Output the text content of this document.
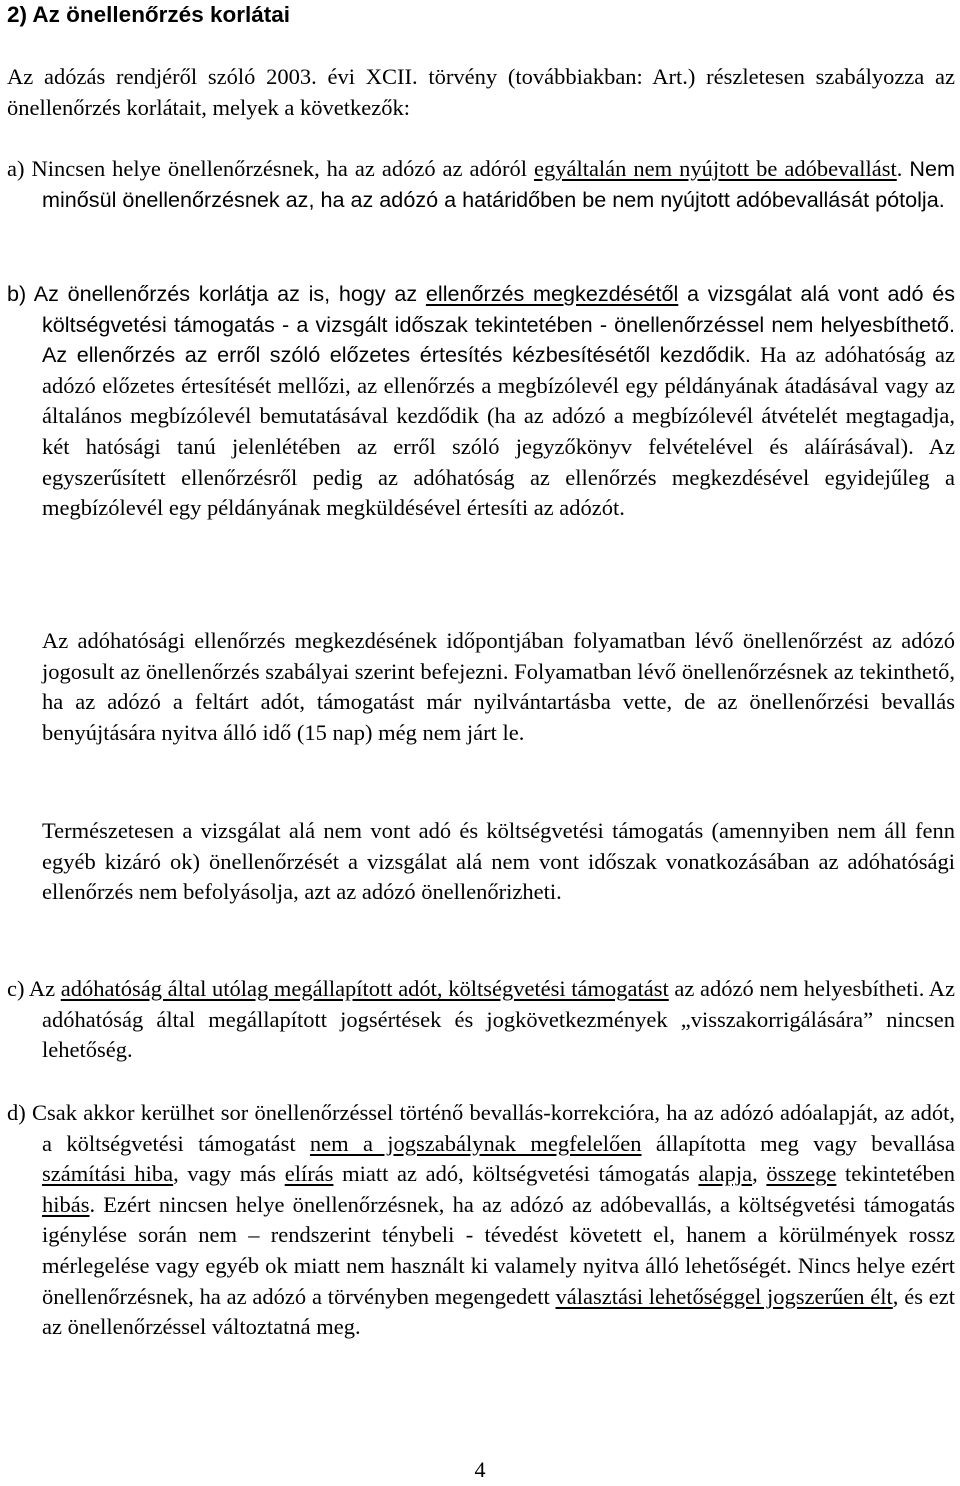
2) Az önellenőrzés korlátai

Az adózás rendjéről szóló 2003. évi XCII. törvény (továbbiakban: Art.) részletesen szabályozza az önellenőrzés korlátait, melyek a következők:

a) Nincsen helye önellenőrzésnek, ha az adózó az adóról egyáltalán nem nyújtott be adóbevallást. Nem minősül önellenőrzésnek az, ha az adózó a határidőben be nem nyújtott adóbevallását pótolja.

b) Az önellenőrzés korlátja az is, hogy az ellenőrzés megkezdésétől a vizsgálat alá vont adó és költségvetési támogatás - a vizsgált időszak tekintetében - önellenőrzéssel nem helyesbíthető. Az ellenőrzés az erről szóló előzetes értesítés kézbesítésétől kezdődik. Ha az adóhatóság az adózó előzetes értesítését mellőzi, az ellenőrzés a megbízólevél egy példányának átadásával vagy az általános megbízólevél bemutatásával kezdődik (ha az adózó a megbízólevél átvételét megtagadja, két hatósági tanú jelenlétében az erről szóló jegyzőkönyv felvételével és aláírásával). Az egyszerűsített ellenőrzésről pedig az adóhatóság az ellenőrzés megkezdésével egyidejűleg a megbízólevél egy példányának megküldésével értesíti az adózót.

Az adóhatósági ellenőrzés megkezdésének időpontjában folyamatban lévő önellenőrzést az adózó jogosult az önellenőrzés szabályai szerint befejezni. Folyamatban lévő önellenőrzésnek az tekinthető, ha az adózó a feltárt adót, támogatást már nyilvántartásba vette, de az önellenőrzési bevallás benyújtására nyitva álló idő (15 nap) még nem járt le.

Természetesen a vizsgálat alá nem vont adó és költségvetési támogatás (amennyiben nem áll fenn egyéb kizáró ok) önellenőrzését a vizsgálat alá nem vont időszak vonatkozásában az adóhatósági ellenőrzés nem befolyásolja, azt az adózó önellenőrizheti.

c) Az adóhatóság által utólag megállapított adót, költségvetési támogatást az adózó nem helyesbítheti. Az adóhatóság által megállapított jogsértések és jogkövetkezmények „visszakorrigálására” nincsen lehetőség.

d) Csak akkor kerülhet sor önellenőrzéssel történő bevallás-korrekcióra, ha az adózó adóalapját, az adót, a költségvetési támogatást nem a jogszabálynak megfelelően állapította meg vagy bevallása számítási hiba, vagy más elírás miatt az adó, költségvetési támogatás alapja, összege tekintetében hibás. Ezért nincsen helye önellenőrzésnek, ha az adózó az adóbevallás, a költségvetési támogatás igénylése során nem – rendszerint ténybeli - tévedést követett el, hanem a körülmények rossz mérlegelése vagy egyéb ok miatt nem használt ki valamely nyitva álló lehetőségét. Nincs helye ezért önellenőrzésnek, ha az adózó a törvényben megengedett választási lehetőséggel jogszerűen élt, és ezt az önellenőrzéssel változtatná meg.

4
